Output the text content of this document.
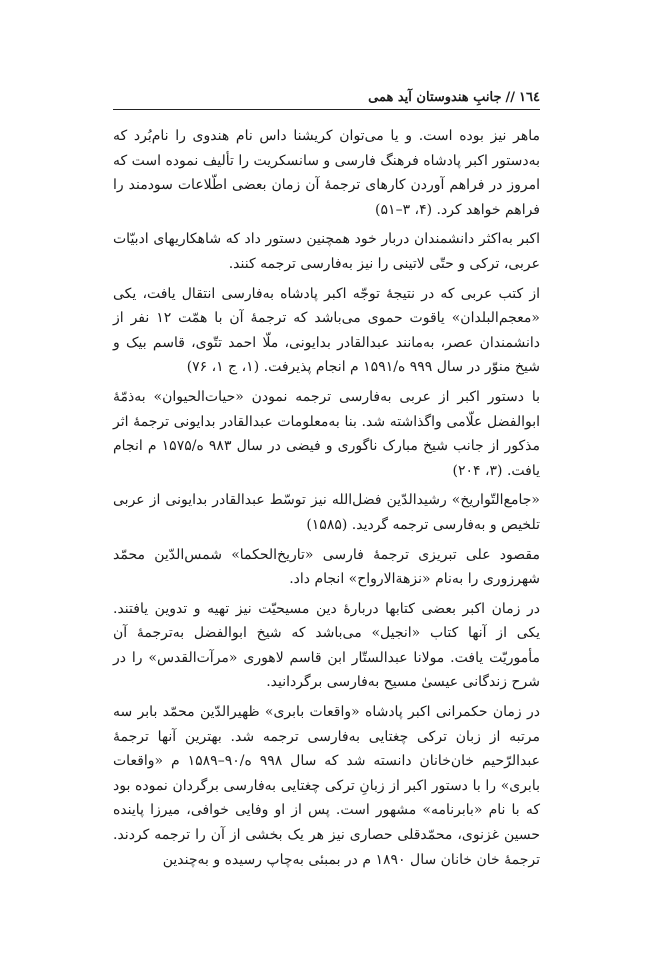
١٦٤
//
جانبِ هندوستان آید همی

ماهر نیز بوده است. و یا می‌توان کریشنا داس نام هندوی را نام‌بُرد که به‌دستور اکبر پادشاه فرهنگ فارسی و سانسکریت را تألیف نموده است که امروز در فراهم آوردن کارهای ترجمهٔ آن زمان بعضی اطّلاعات سودمند را فراهم خواهد کرد. (۴، ۳–۵۱)

اکبر به‌اکثر دانشمندان دربار خود همچنین دستور داد که شاهکاریهای ادبیّات عربی، ترکی و حتّی لاتینی را نیز به‌فارسی ترجمه کنند.

از کتب عربی که در نتیجهٔ توجّه اکبر پادشاه به‌فارسی انتقال یافت، یکی «معجم‌البلدان» یاقوت حموی می‌باشد که ترجمهٔ آن با همّت ۱۲ نفر از دانشمندان عصر، به‌مانند عبدالقادر بدایونی، ملّا احمد تتّوی، قاسم بیک و شیخ منوّر در سال ۹۹۹ ه/۱۵۹۱ م انجام پذیرفت. (۱، ج ۱، ۷۶)

با دستور اکبر از عربی به‌فارسی ترجمه نمودن «حیات‌الحیوان» به‌ذمّهٔ ابوالفضل علّامی واگذاشته شد. بنا به‌معلومات عبدالقادر بدایونی ترجمهٔ اثر مذکور از جانب شیخ مبارک ناگوری و فیضی در سال ۹۸۳ ه/۱۵۷۵ م انجام یافت. (۳، ۲۰۴)

«جامع‌التّواریخ» رشیدالدّین فضل‌الله نیز توسّط عبدالقادر بدایونی از عربی تلخیص و به‌فارسی ترجمه گردید. (۱۵۸۵)

مقصود علی تبریزی ترجمهٔ فارسی «تاریخ‌الحکما» شمس‌الدّین محمّد شهرزوری را به‌نام «نزهةالارواح» انجام داد.

در زمان اکبر بعضی کتابها دربارهٔ دین مسیحیّت نیز تهیه و تدوین یافتند. یکی از آنها کتاب «انجیل» می‌باشد که شیخ ابوالفضل به‌ترجمهٔ آن مأموریّت یافت. مولانا عبدالستّار ابن قاسم لاهوری «مرآت‌القدس» را در شرح زندگانی عیسیٰ مسیح به‌فارسی برگردانید.

در زمان حکمرانی اکبر پادشاه «واقعات بابری» ظهیرالدّین محمّد بابر سه مرتبه از زبان ترکی چغتایی به‌فارسی ترجمه شد. بهترین آنها ترجمهٔ عبدالرّحیم خان‌خانان دانسته شد که سال ۹۹۸ ه/۹۰–۱۵۸۹ م «واقعات بابری» را با دستور اکبر از زبانِ ترکی چغتایی به‌فارسی برگردان نموده بود که با نام «بابرنامه» مشهور است. پس از او وفایی خوافی، میرزا پاینده حسین غزنوی، محمّدقلی حصاری نیز هر یک بخشی از آن را ترجمه کردند. ترجمهٔ خان خانان سال ۱۸۹۰ م در بمبئی به‌چاپ رسیده و به‌چندین
